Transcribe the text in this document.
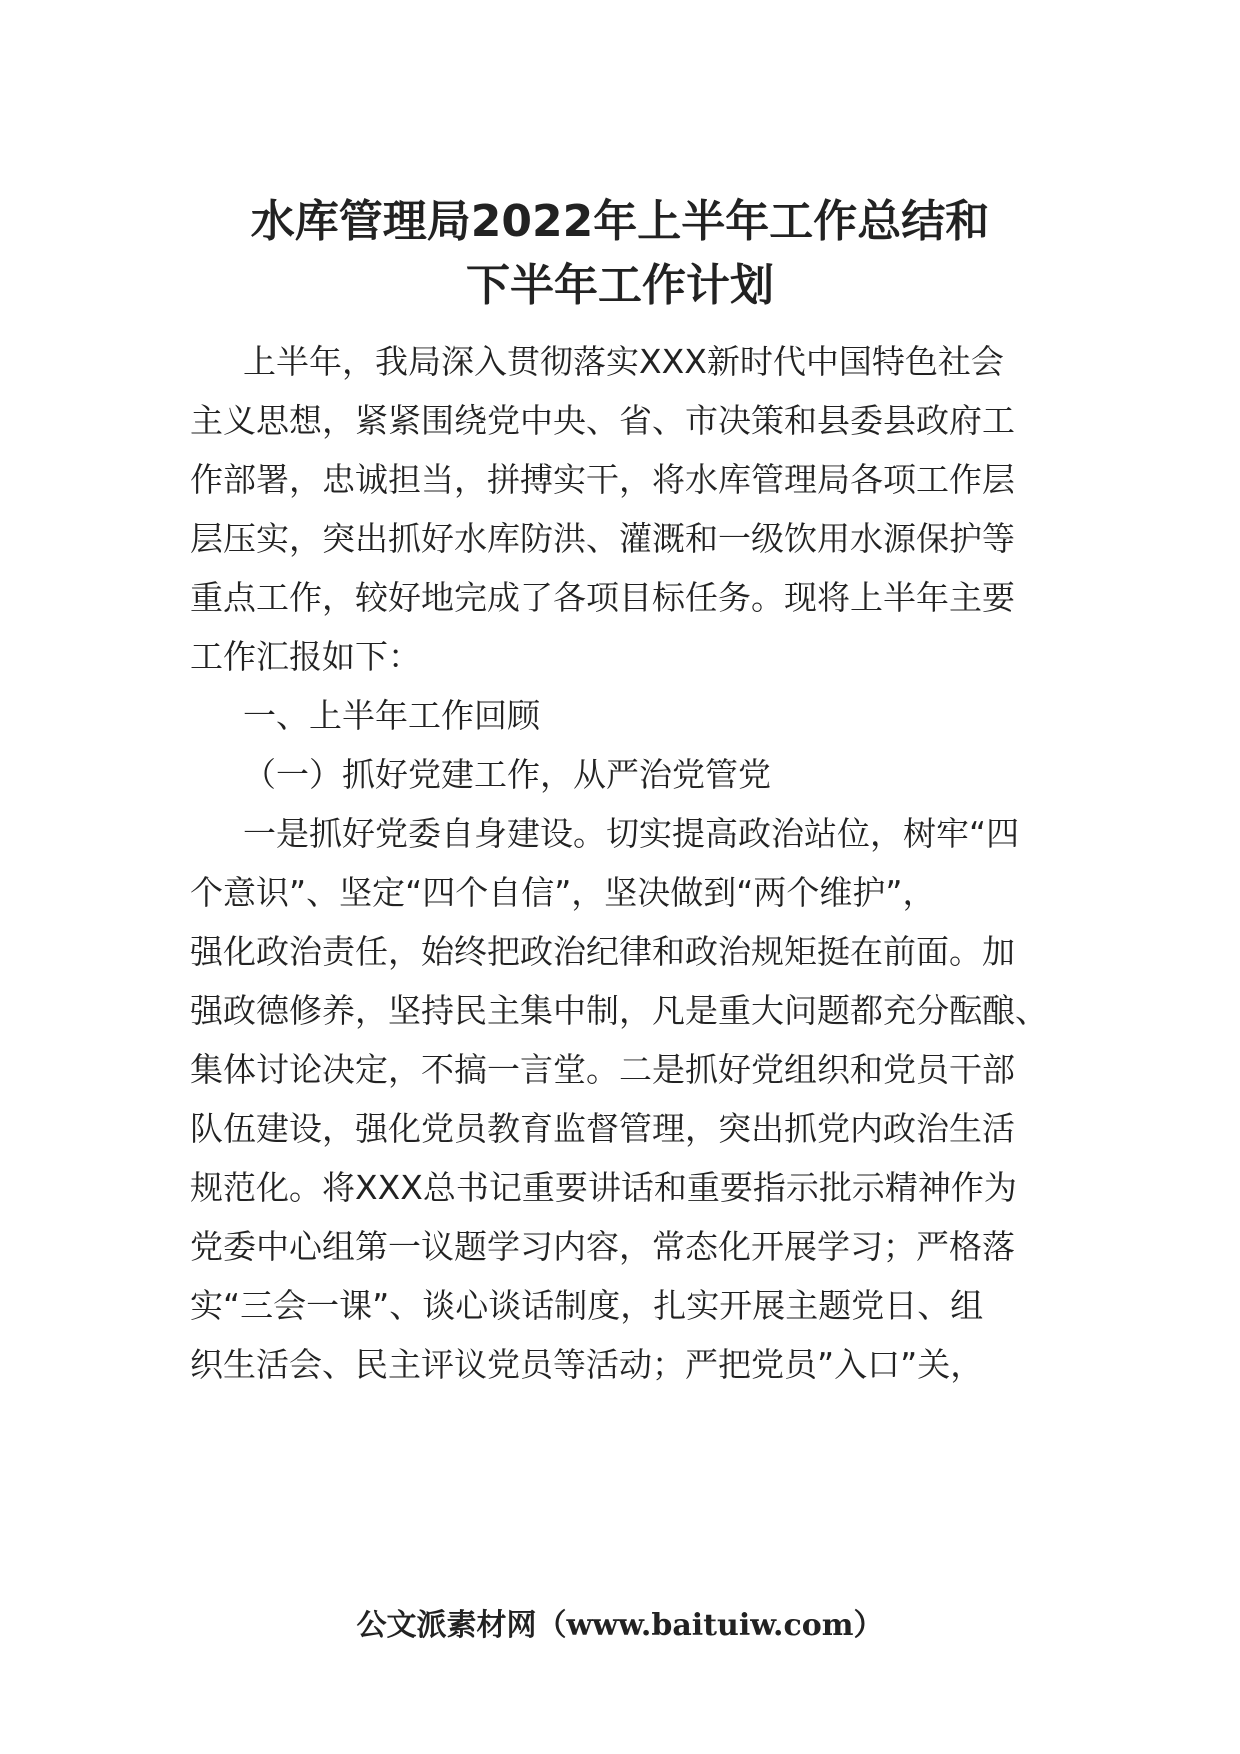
水库管理局2022年上半年工作总结和
下半年工作计划

上半年，我局深入贯彻落实XXX新时代中国特色社会

主义思想，紧紧围绕党中央、省、市决策和县委县政府工

作部署，忠诚担当，拼搏实干，将水库管理局各项工作层

层压实，突出抓好水库防洪、灌溉和一级饮用水源保护等

重点工作，较好地完成了各项目标任务。现将上半年主要

工作汇报如下：

一、上半年工作回顾

（一）抓好党建工作，从严治党管党

一是抓好党委自身建设。切实提高政治站位，树牢“四

个意识”、坚定“四个自信”，坚决做到“两个维护”，

强化政治责任，始终把政治纪律和政治规矩挺在前面。加

强政德修养，坚持民主集中制，凡是重大问题都充分酝酿、

集体讨论决定，不搞一言堂。二是抓好党组织和党员干部

队伍建设，强化党员教育监督管理，突出抓党内政治生活

规范化。将XXX总书记重要讲话和重要指示批示精神作为

党委中心组第一议题学习内容，常态化开展学习；严格落

实“三会一课”、谈心谈话制度，扎实开展主题党日、组

织生活会、民主评议党员等活动；严把党员”入口”关，

公文派素材网（www.baituiw.com）
